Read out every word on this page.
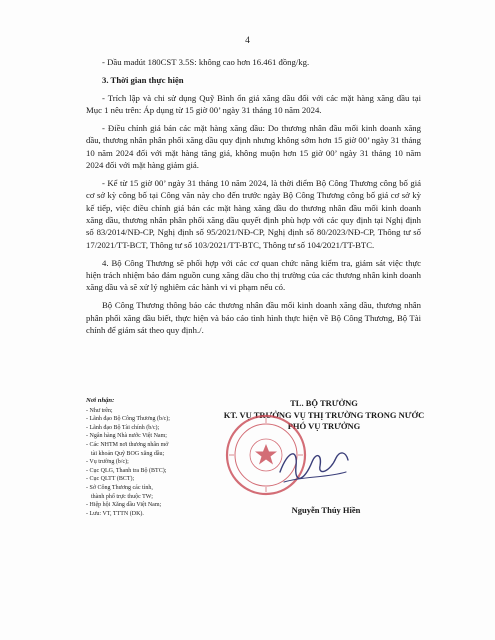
4

- Dầu madút 180CST 3.5S: không cao hơn 16.461 đồng/kg.

3. Thời gian thực hiện

- Trích lập và chi sử dụng Quỹ Bình ổn giá xăng dầu đối với các mặt hàng xăng dầu tại Mục 1 nêu trên: Áp dụng từ 15 giờ 00’ ngày 31 tháng 10 năm 2024.

- Điều chỉnh giá bán các mặt hàng xăng dầu: Do thương nhân đầu mối kinh doanh xăng dầu, thương nhân phân phối xăng dầu quy định nhưng không sớm hơn 15 giờ 00’ ngày 31 tháng 10 năm 2024 đối với mặt hàng tăng giá, không muộn hơn 15 giờ 00’ ngày 31 tháng 10 năm 2024 đối với mặt hàng giảm giá.

- Kể từ 15 giờ 00’ ngày 31 tháng 10 năm 2024, là thời điểm Bộ Công Thương công bố giá cơ sở kỳ công bố tại Công văn này cho đến trước ngày Bộ Công Thương công bố giá cơ sở kỳ kế tiếp, việc điều chỉnh giá bán các mặt hàng xăng dầu do thương nhân đầu mối kinh doanh xăng dầu, thương nhân phân phối xăng dầu quyết định phù hợp với các quy định tại Nghị định số 83/2014/NĐ-CP, Nghị định số 95/2021/NĐ-CP, Nghị định số 80/2023/NĐ-CP, Thông tư số 17/2021/TT-BCT, Thông tư số 103/2021/TT-BTC, Thông tư số 104/2021/TT-BTC.

4. Bộ Công Thương sẽ phối hợp với các cơ quan chức năng kiểm tra, giám sát việc thực hiện trách nhiệm bảo đảm nguồn cung xăng dầu cho thị trường của các thương nhân kinh doanh xăng dầu và sẽ xử lý nghiêm các hành vi vi phạm nếu có.

Bộ Công Thương thông báo các thương nhân đầu mối kinh doanh xăng dầu, thương nhân phân phối xăng dầu biết, thực hiện và báo cáo tình hình thực hiện về Bộ Công Thương, Bộ Tài chính để giám sát theo quy định./.

Nơi nhận:
- Như trên;
- Lãnh đạo Bộ Công Thương (b/c);
- Lãnh đạo Bộ Tài chính (b/c);
- Ngân hàng Nhà nước Việt Nam;
- Các NHTM nơi thương nhân mở
tài khoản Quỹ BOG xăng dầu;
- Vụ trường (b/c);
- Cục QLG, Thanh tra Bộ (BTC);
- Cục QLTT (BCT);
- Sở Công Thương các tỉnh,
thành phố trực thuộc TW;
- Hiệp hội Xăng dầu Việt Nam;
- Lưu: VT, TTTN (DK).
TL. BỘ TRƯỞNG
KT. VỤ TRƯỞNG VỤ THỊ TRƯỜNG TRONG NƯỚC
PHÓ VỤ TRƯỞNG
Nguyễn Thúy Hiền
